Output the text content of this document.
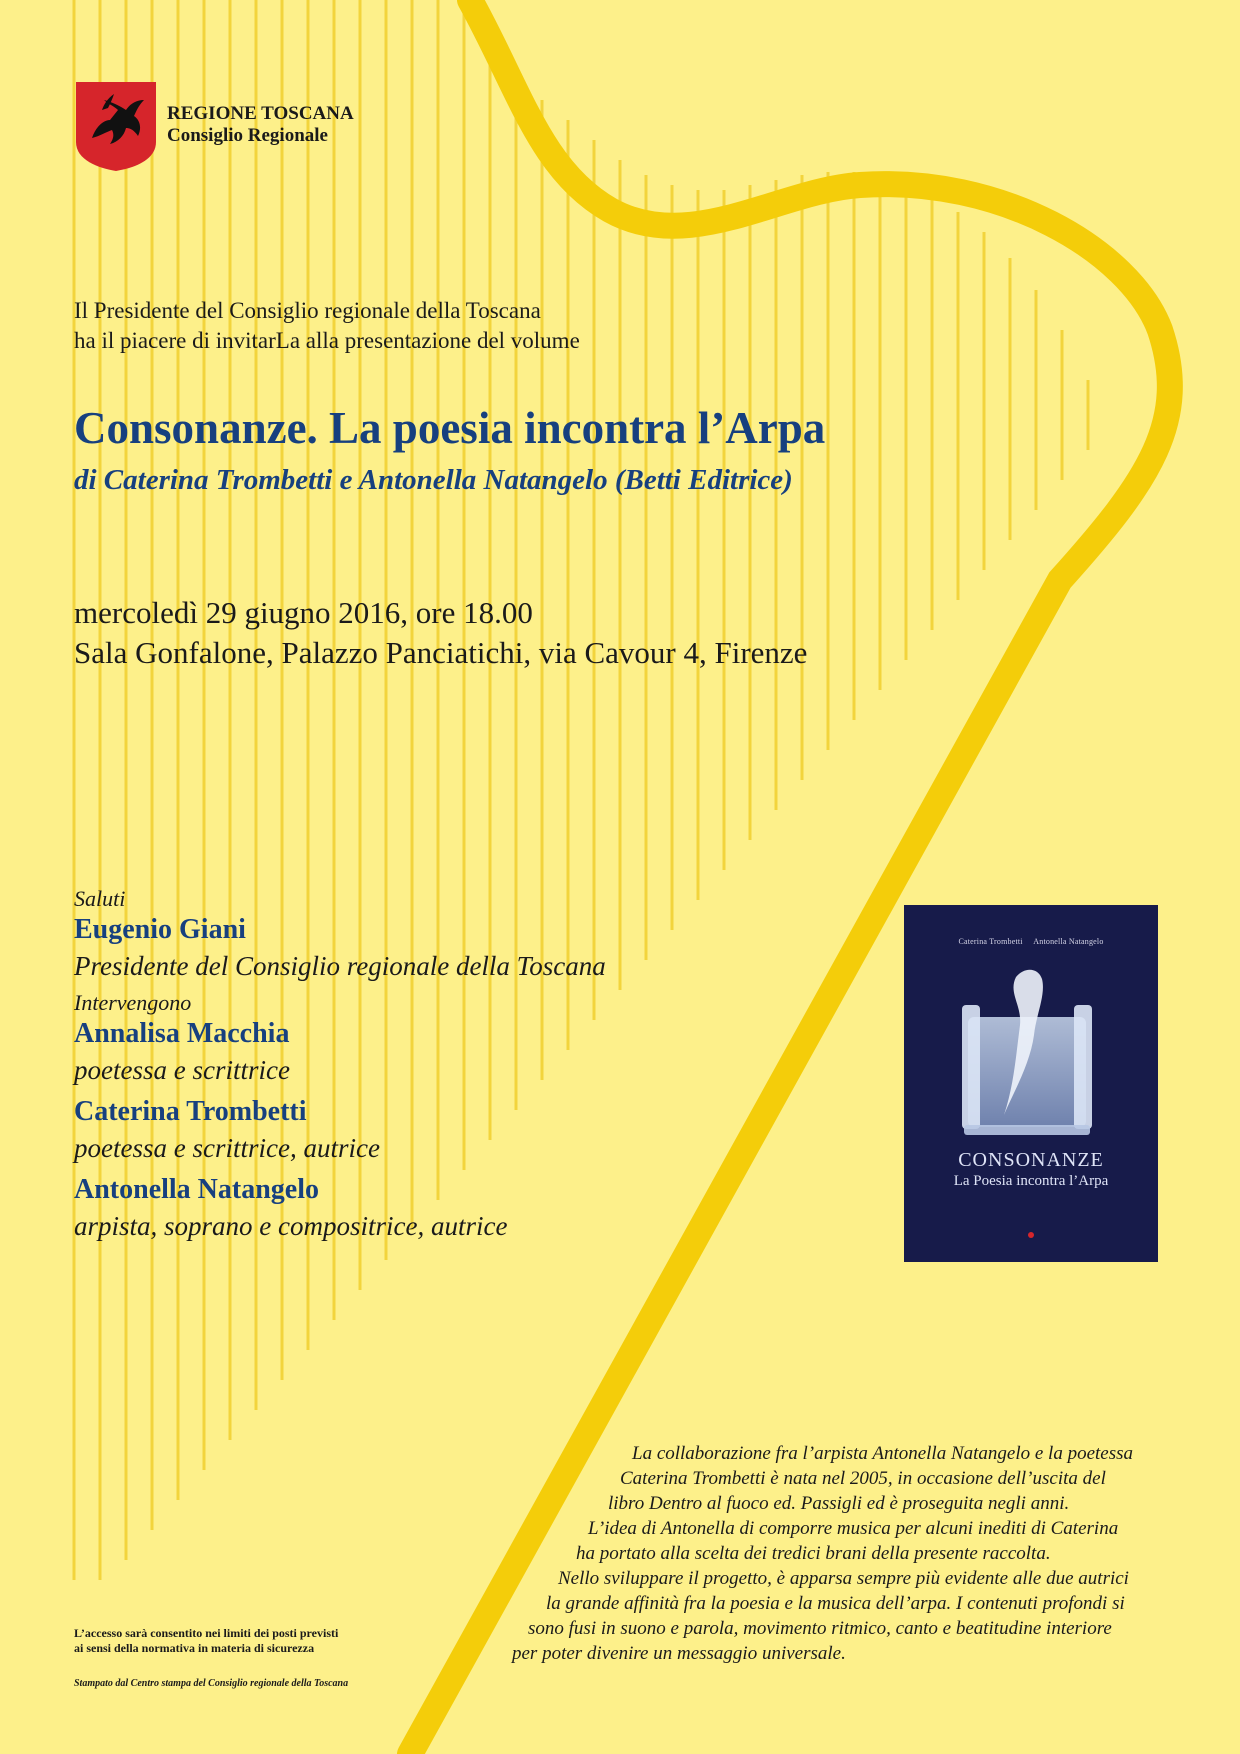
REGIONE TOSCANA
Consiglio Regionale
Il Presidente del Consiglio regionale della Toscana
ha il piacere di invitarLa alla presentazione del volume
Consonanze. La poesia incontra l’Arpa
di Caterina Trombetti e Antonella Natangelo (Betti Editrice)
mercoledì 29 giugno 2016, ore 18.00
Sala Gonfalone, Palazzo Panciatichi, via Cavour 4, Firenze
Saluti
Eugenio Giani
Presidente del Consiglio regionale della Toscana
Intervengono
Annalisa Macchia
poetessa e scrittrice
Caterina Trombetti
poetessa e scrittrice, autrice
Antonella Natangelo
arpista, soprano e compositrice, autrice
Caterina Trombetti Antonella Natangelo
CONSONANZE
La Poesia incontra l’Arpa
La collaborazione fra l’arpista Antonella Natangelo e la poetessa
Caterina Trombetti è nata nel 2005, in occasione dell’uscita del
libro Dentro al fuoco ed. Passigli ed è proseguita negli anni.
L’idea di Antonella di comporre musica per alcuni inediti di Caterina
ha portato alla scelta dei tredici brani della presente raccolta.
Nello sviluppare il progetto, è apparsa sempre più evidente alle due autrici
la grande affinità fra la poesia e la musica dell’arpa. I contenuti profondi si
sono fusi in suono e parola, movimento ritmico, canto e beatitudine interiore
per poter divenire un messaggio universale.
L’accesso sarà consentito nei limiti dei posti previsti
ai sensi della normativa in materia di sicurezza
Stampato dal Centro stampa del Consiglio regionale della Toscana
